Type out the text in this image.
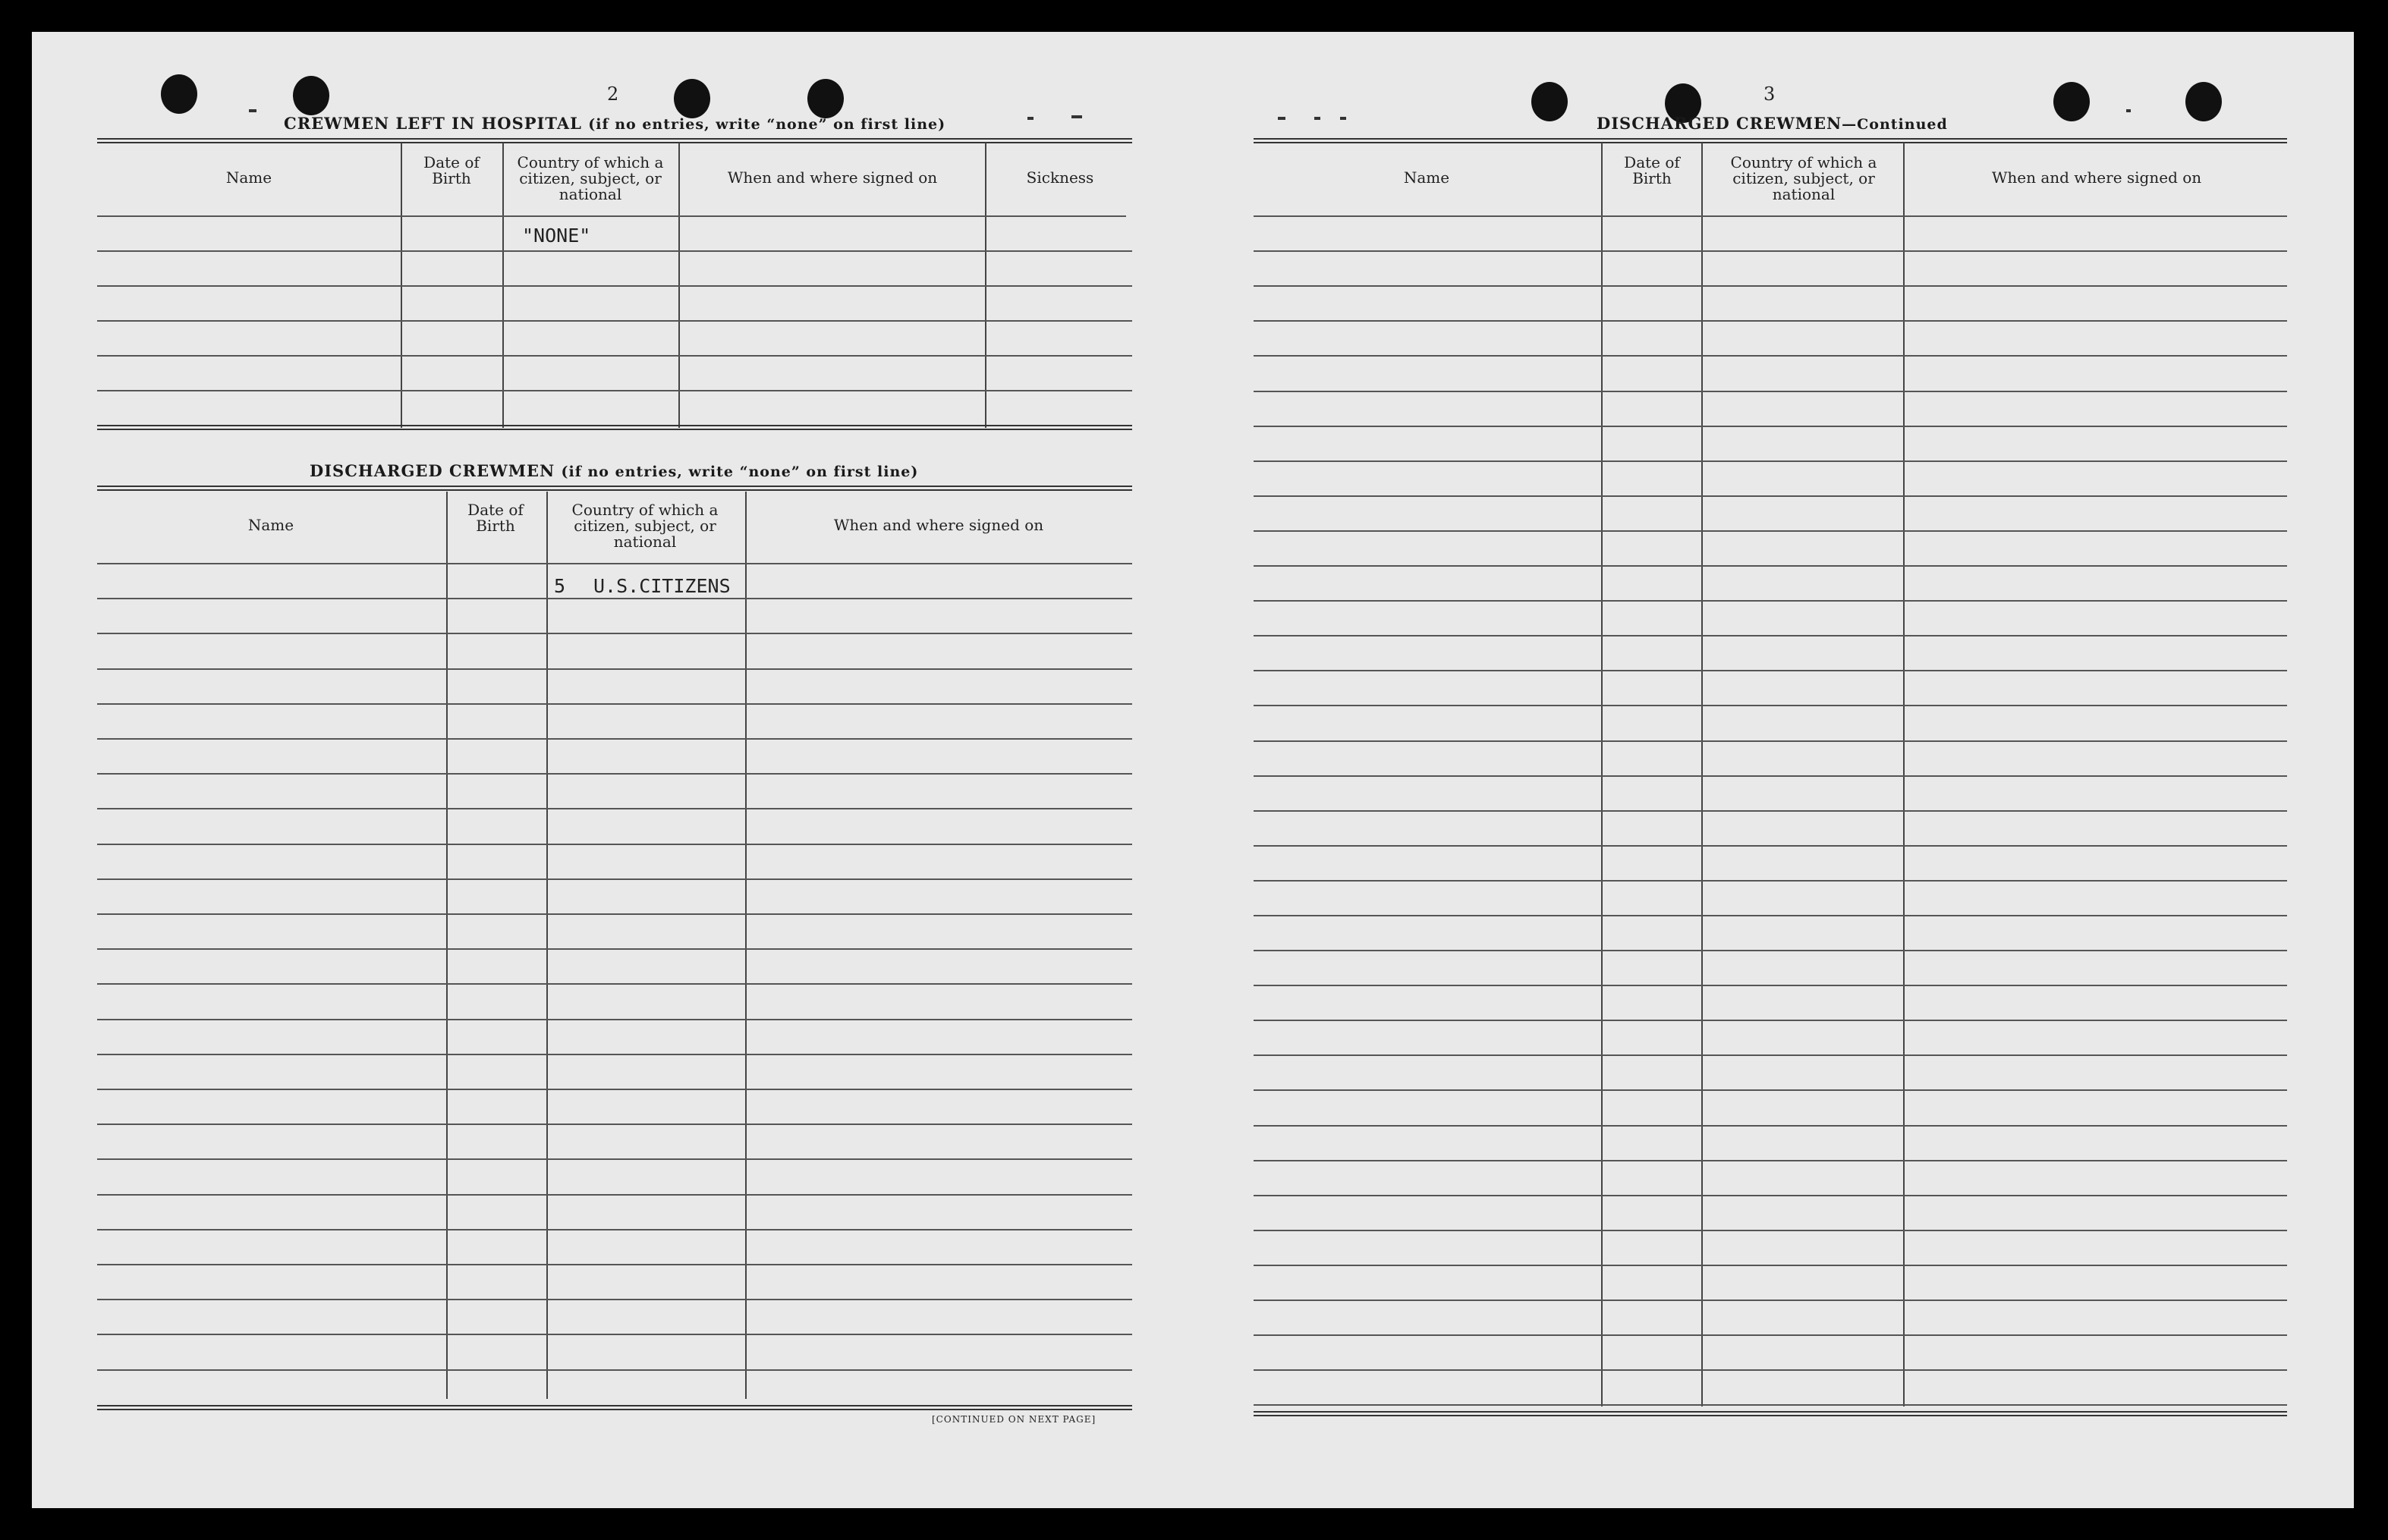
2
CREWMEN LEFT IN HOSPITAL (if no entries, write “none” on first line)
Name
Date of Birth
Country of which a citizen, subject, or national
When and where signed on	Sickness
"NONE"
DISCHARGED CREWMEN (if no entries, write “none” on first line)
Name
Date of Birth
Country of which a citizen, subject, or national
When and where signed on
5 U.S.CITIZENS
[CONTINUED ON NEXT PAGE]
3
DISCHARGED CREWMEN—Continued
Name
Date of Birth
Country of which a citizen, subject, or national
When and where signed on
